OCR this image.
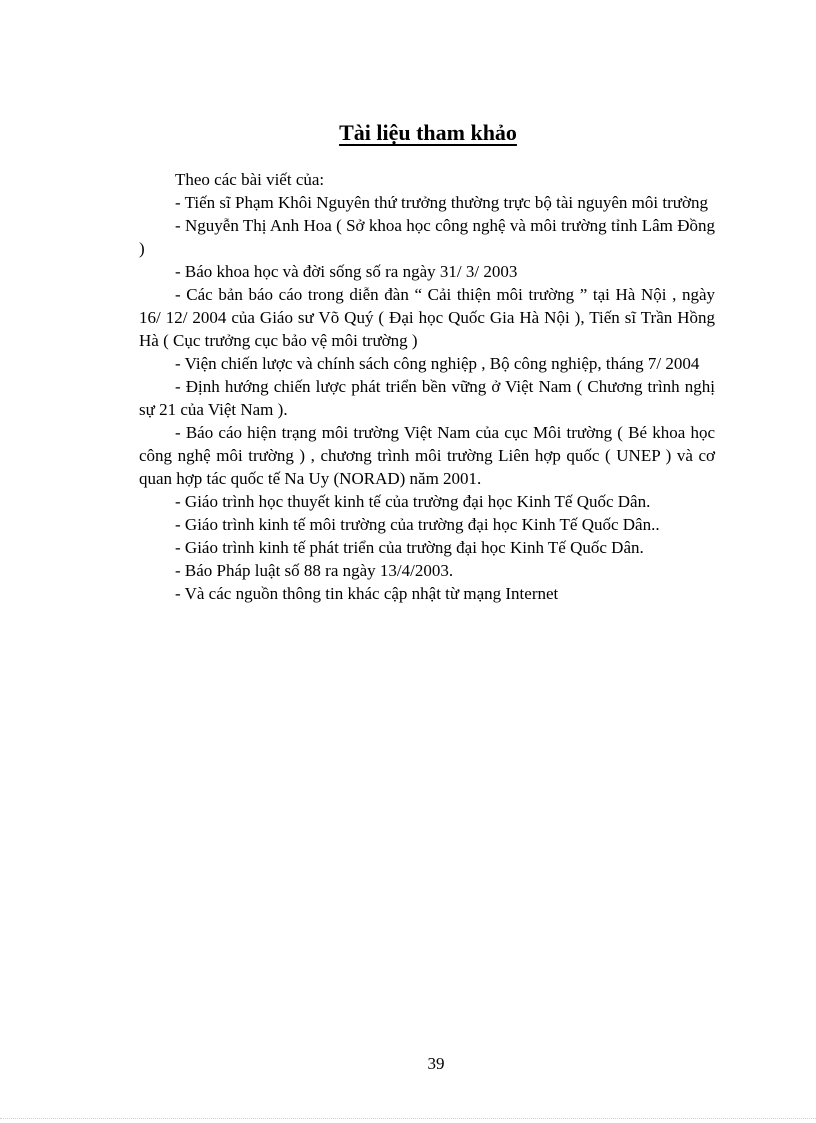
Tài liệu tham khảo

Theo các bài viết của:

- Tiến sĩ Phạm Khôi Nguyên thứ trưởng thường trực bộ tài nguyên môi trường

- Nguyễn Thị Anh Hoa ( Sở khoa học công nghệ và môi trường tỉnh Lâm Đồng )

- Báo khoa học và đời sống số ra ngày 31/ 3/ 2003

- Các bản báo cáo trong diễn đàn “ Cải thiện môi trường ” tại Hà Nội , ngày 16/ 12/ 2004 của Giáo sư Võ Quý ( Đại học Quốc Gia Hà Nội ), Tiến sĩ Trần Hồng Hà ( Cục trưởng cục bảo vệ môi trường )

- Viện chiến lược và chính sách công nghiệp , Bộ công nghiệp, tháng 7/ 2004

- Định hướng chiến lược phát triển bền vững ở Việt Nam ( Chương trình nghị sự 21 của Việt Nam ).

- Báo cáo hiện trạng môi trường Việt Nam của cục Môi trường ( Bé khoa học công nghệ môi trường ) , chương trình môi trường Liên hợp quốc ( UNEP ) và cơ quan hợp tác quốc tế Na Uy (NORAD) năm 2001.

- Giáo trình học thuyết kinh tế của trường đại học Kinh Tế Quốc Dân.

- Giáo trình kinh tế môi trường của trường đại học Kinh Tế Quốc Dân..

- Giáo trình kinh tế phát triển của trường đại học Kinh Tế Quốc Dân.

- Báo Pháp luật số 88 ra ngày 13/4/2003.

- Và các nguồn thông tin khác cập nhật từ mạng Internet

39
